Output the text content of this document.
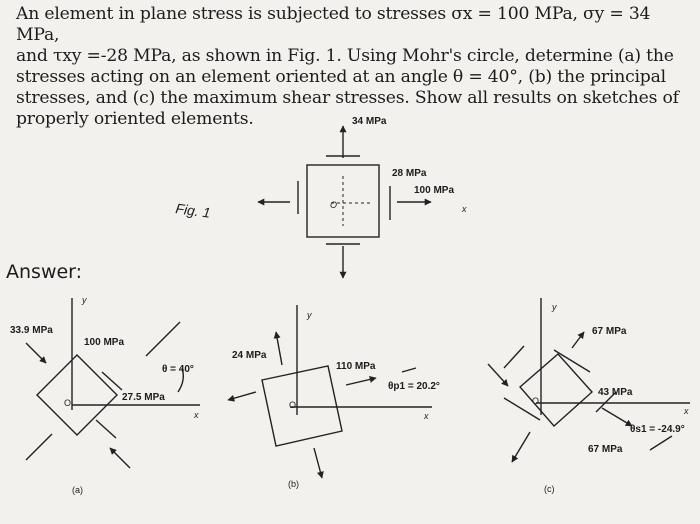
An element in plane stress is subjected to stresses σx = 100 MPa, σy = 34 MPa,

and τxy =-28 MPa, as shown in Fig. 1. Using Mohr's circle, determine (a) the

stresses acting on an element oriented at an angle θ = 40°, (b) the principal

stresses, and (c) the maximum shear stresses. Show all results on sketches of

properly oriented elements.

Answer:
34 MPa
28 MPa
100 MPa
x
O
Fig. 1
33.9 MPa
100 MPa
θ = 40°
27.5 MPa
y
x
O
(a)
24 MPa
110 MPa
θp1 = 20.2°
y
x
O
(b)
67 MPa
43 MPa
67 MPa
θs1 = -24.9°
y
x
O
(c)
